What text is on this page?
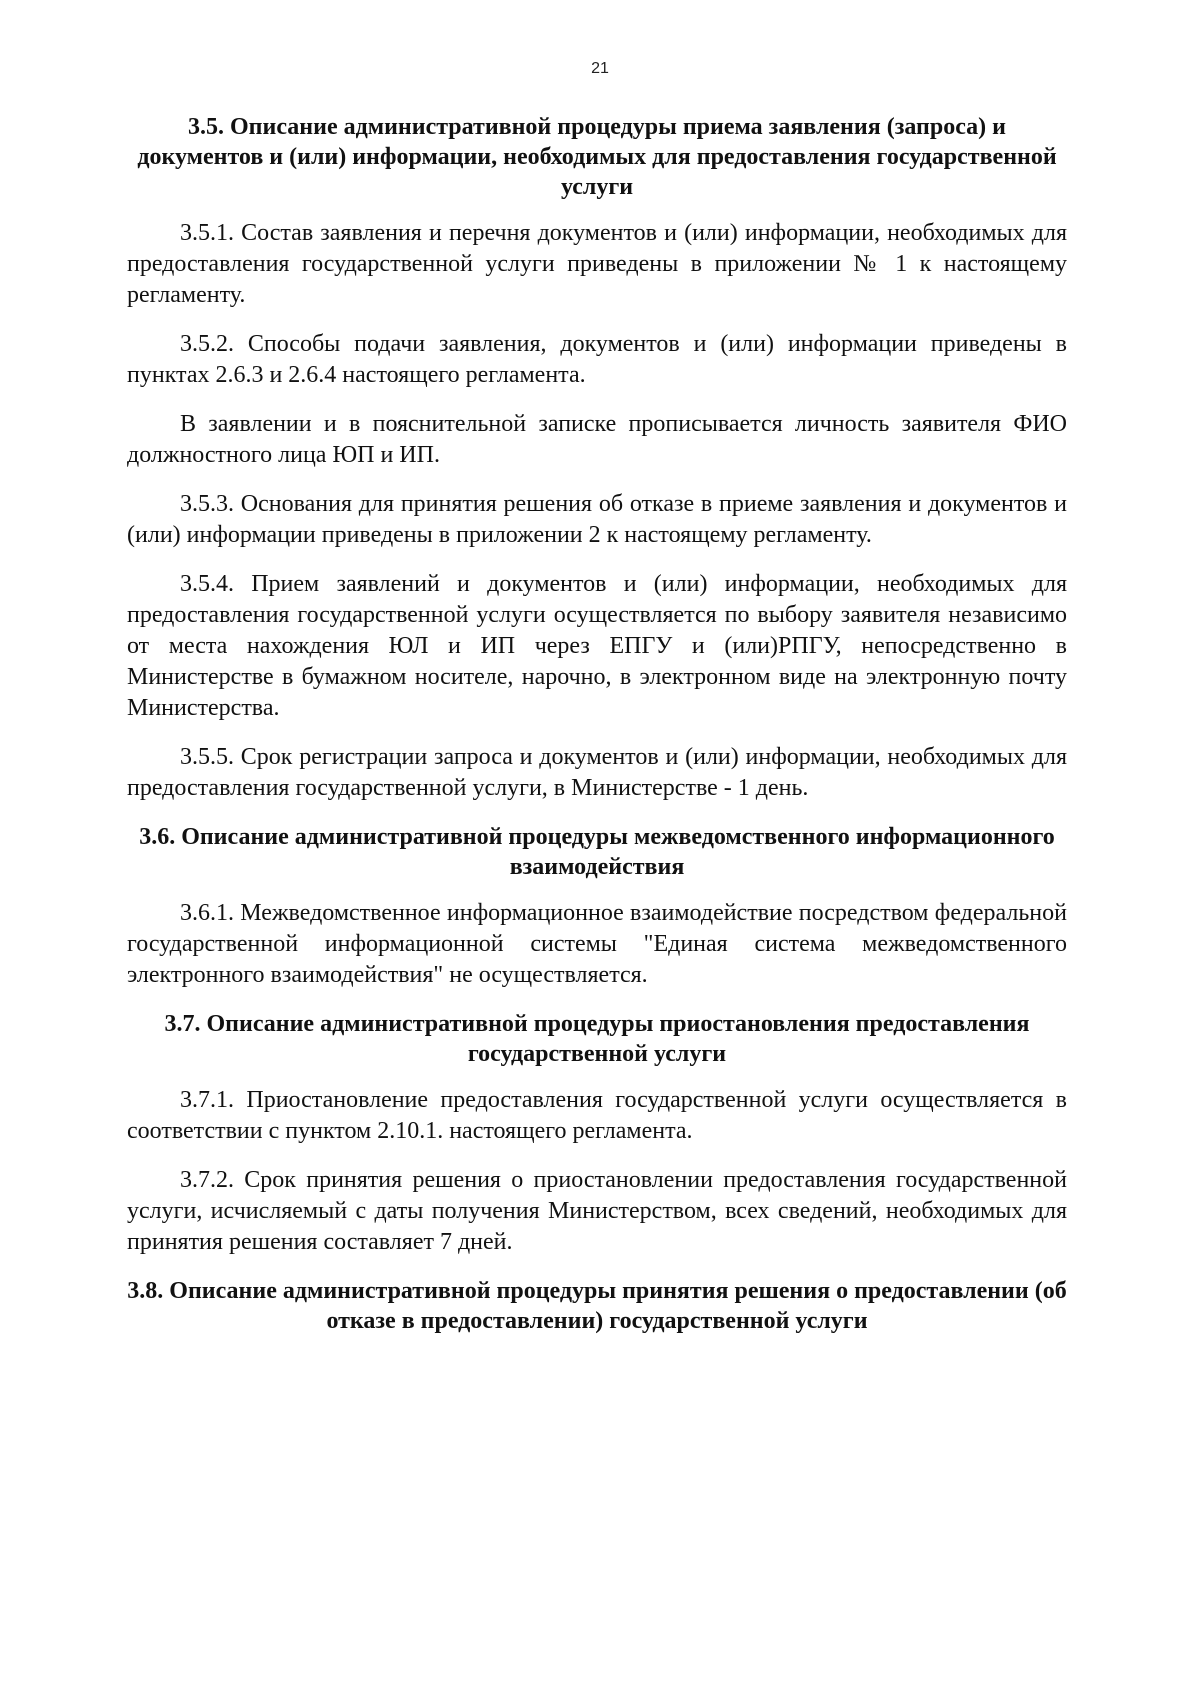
21
3.5. Описание административной процедуры приема заявления (запроса) и документов и (или) информации, необходимых для предоставления государственной услуги

3.5.1. Состав заявления и перечня документов и (или) информации, необходимых для предоставления государственной услуги приведены в приложении № 1 к настоящему регламенту.

3.5.2. Способы подачи заявления, документов и (или) информации приведены в пунктах 2.6.3 и 2.6.4 настоящего регламента.

В заявлении и в пояснительной записке прописывается личность заявителя ФИО должностного лица ЮП и ИП.

3.5.3. Основания для принятия решения об отказе в приеме заявления и документов и (или) информации приведены в приложении 2 к настоящему регламенту.

3.5.4. Прием заявлений и документов и (или) информации, необходимых для предоставления государственной услуги осуществляется по выбору заявителя независимо от места нахождения ЮЛ и ИП через ЕПГУ и (или)РПГУ, непосредственно в Министерстве в бумажном носителе, нарочно, в электронном виде на электронную почту Министерства.

3.5.5. Срок регистрации запроса и документов и (или) информации, необходимых для предоставления государственной услуги, в Министерстве - 1 день.

3.6. Описание административной процедуры межведомственного информационного взаимодействия

3.6.1. Межведомственное информационное взаимодействие посредством федеральной государственной информационной системы "Единая система межведомственного электронного взаимодействия" не осуществляется.

3.7. Описание административной процедуры приостановления предоставления государственной услуги

3.7.1. Приостановление предоставления государственной услуги осуществляется в соответствии с пунктом 2.10.1. настоящего регламента.

3.7.2. Срок принятия решения о приостановлении предоставления государственной услуги, исчисляемый с даты получения Министерством, всех сведений, необходимых для принятия решения составляет 7 дней.

3.8. Описание административной процедуры принятия решения о предоставлении (об отказе в предоставлении) государственной услуги
